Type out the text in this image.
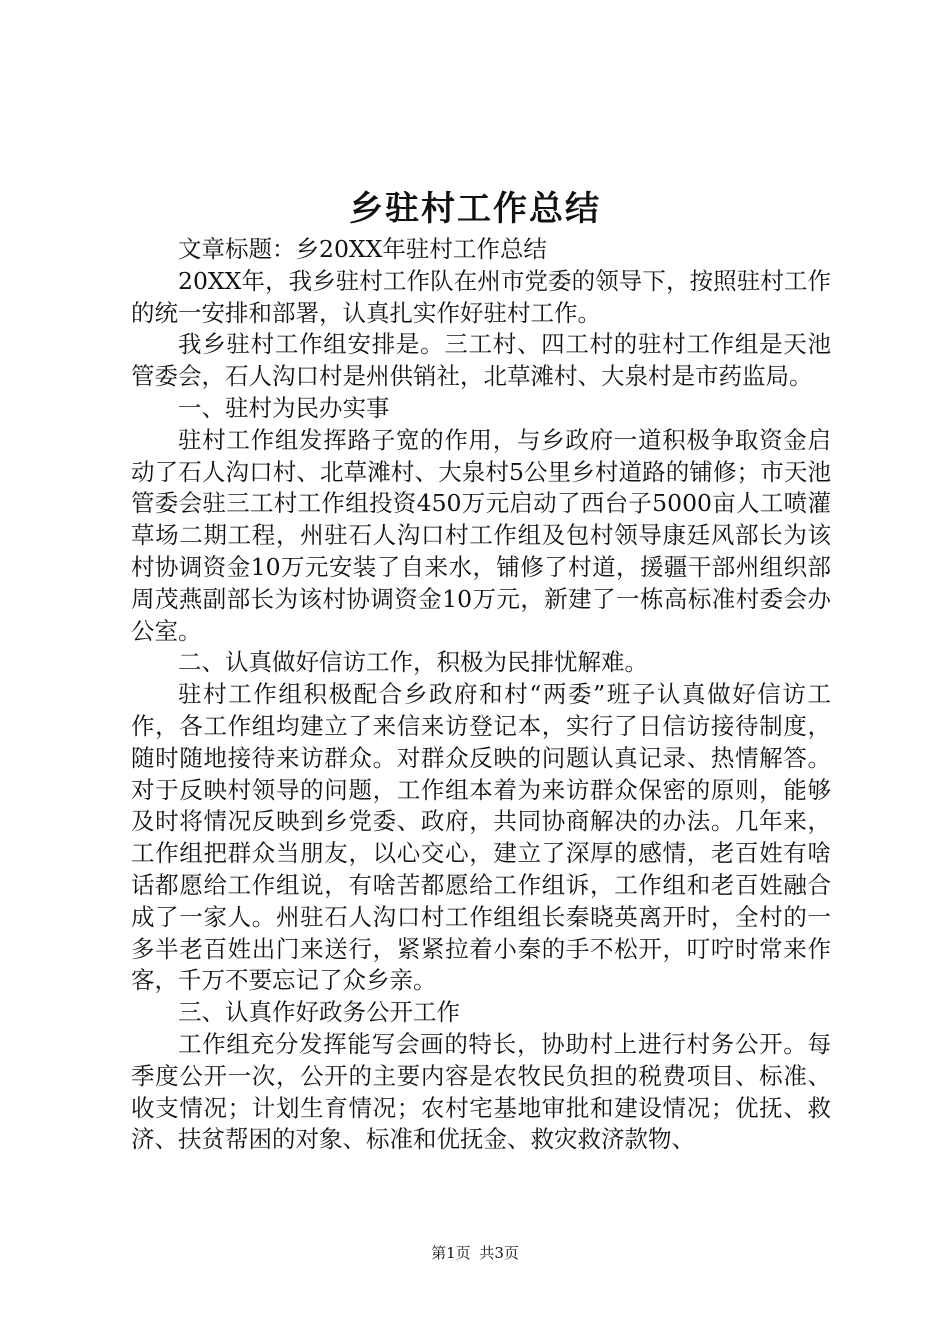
乡驻村工作总结

文章标题：乡20XX年驻村工作总结

20XX年，我乡驻村工作队在州市党委的领导下，按照驻村工作的统一安排和部署，认真扎实作好驻村工作。

我乡驻村工作组安排是。三工村、四工村的驻村工作组是天池管委会，石人沟口村是州供销社，北草滩村、大泉村是市药监局。

一、驻村为民办实事

驻村工作组发挥路子宽的作用，与乡政府一道积极争取资金启动了石人沟口村、北草滩村、大泉村5公里乡村道路的铺修；市天池管委会驻三工村工作组投资450万元启动了西台子5000亩人工喷灌草场二期工程，州驻石人沟口村工作组及包村领导康廷风部长为该村协调资金10万元安装了自来水，铺修了村道，援疆干部州组织部周茂燕副部长为该村协调资金10万元，新建了一栋高标准村委会办公室。

二、认真做好信访工作，积极为民排忧解难。

驻村工作组积极配合乡政府和村“两委”班子认真做好信访工作，各工作组均建立了来信来访登记本，实行了日信访接待制度，随时随地接待来访群众。对群众反映的问题认真记录、热情解答。对于反映村领导的问题，工作组本着为来访群众保密的原则，能够及时将情况反映到乡党委、政府，共同协商解决的办法。几年来，工作组把群众当朋友，以心交心，建立了深厚的感情，老百姓有啥话都愿给工作组说，有啥苦都愿给工作组诉，工作组和老百姓融合成了一家人。州驻石人沟口村工作组组长秦晓英离开时，全村的一多半老百姓出门来送行，紧紧拉着小秦的手不松开，叮咛时常来作客，千万不要忘记了众乡亲。

三、认真作好政务公开工作

工作组充分发挥能写会画的特长，协助村上进行村务公开。每季度公开一次，公开的主要内容是农牧民负担的税费项目、标准、收支情况；计划生育情况；农村宅基地审批和建设情况；优抚、救济、扶贫帮困的对象、标准和优抚金、救灾救济款物、

第1页 共3页
